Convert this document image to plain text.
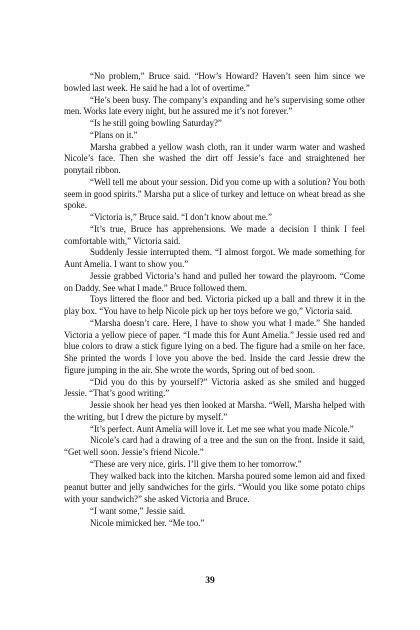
“No problem,” Bruce said. “How’s Howard? Haven’t seen him since we bowled last week. He said he had a lot of overtime.”

“He’s been busy. The company’s expanding and he’s supervising some other men. Works late every night, but he assured me it’s not forever.”

“Is he still going bowling Saturday?”

“Plans on it.”

Marsha grabbed a yellow wash cloth, ran it under warm water and washed Nicole’s face. Then she washed the dirt off Jessie’s face and straightened her ponytail ribbon.

“Well tell me about your session. Did you come up with a solution? You both seem in good spirits.” Marsha put a slice of turkey and lettuce on wheat bread as she spoke.

“Victoria is,” Bruce said. “I don’t know about me.”

“It’s true, Bruce has apprehensions. We made a decision I think I feel comfortable with,” Victoria said.

Suddenly Jessie interrupted them. “I almost forgot. We made something for Aunt Amelia. I want to show you.”

Jessie grabbed Victoria’s hand and pulled her toward the playroom. “Come on Daddy. See what I made.” Bruce followed them.

Toys littered the floor and bed. Victoria picked up a ball and threw it in the play box. “You have to help Nicole pick up her toys before we go,” Victoria said.

“Marsha doesn’t care. Here, I have to show you what I made.” She handed Victoria a yellow piece of paper. “I made this for Aunt Amelia.” Jessie used red and blue colors to draw a stick figure lying on a bed. The figure had a smile on her face. She printed the words I love you above the bed. Inside the card Jessie drew the figure jumping in the air. She wrote the words, Spring out of bed soon.

“Did you do this by yourself?” Victoria asked as she smiled and hugged Jessie. “That’s good writing.”

Jessie shook her head yes then looked at Marsha. “Well, Marsha helped with the writing, but I drew the picture by myself.”

“It’s perfect. Aunt Amelia will love it. Let me see what you made Nicole.”

Nicole’s card had a drawing of a tree and the sun on the front. Inside it said, “Get well soon. Jessie’s friend Nicole.”

“These are very nice, girls. I’ll give them to her tomorrow.”

They walked back into the kitchen. Marsha poured some lemon aid and fixed peanut butter and jelly sandwiches for the girls. “Would you like some potato chips with your sandwich?” she asked Victoria and Bruce.

“I want some,” Jessie said.

Nicole mimicked her. “Me too.”

39
